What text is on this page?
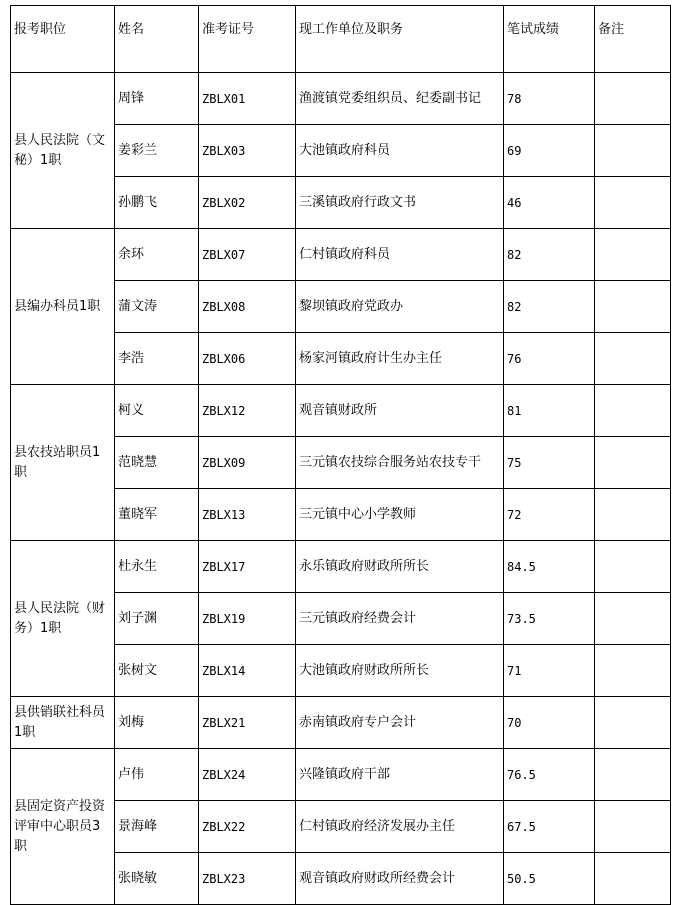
报考职位	姓名	准考证号	现工作单位及职务	笔试成绩	备注
县人民法院（文秘）1职	周锋	ZBLX01	渔渡镇党委组织员、纪委副书记	78	
	姜彩兰	ZBLX03	大池镇政府科员	69	
	孙鹏飞	ZBLX02	三溪镇政府行政文书	46	
县编办科员1职	余环	ZBLX07	仁村镇政府科员	82	
	蒲文涛	ZBLX08	黎坝镇政府党政办	82	
	李浩	ZBLX06	杨家河镇政府计生办主任	76	
县农技站职员1职	柯义	ZBLX12	观音镇财政所	81	
	范晓慧	ZBLX09	三元镇农技综合服务站农技专干	75	
	董晓军	ZBLX13	三元镇中心小学教师	72	
县人民法院（财务）1职	杜永生	ZBLX17	永乐镇政府财政所所长	84.5	
	刘子渊	ZBLX19	三元镇政府经费会计	73.5	
	张树文	ZBLX14	大池镇政府财政所所长	71	
县供销联社科员1职	刘梅	ZBLX21	赤南镇政府专户会计	70	
县固定资产投资评审中心职员3职	卢伟	ZBLX24	兴隆镇政府干部	76.5	
	景海峰	ZBLX22	仁村镇政府经济发展办主任	67.5	
	张晓敏	ZBLX23	观音镇政府财政所经费会计	50.5	
